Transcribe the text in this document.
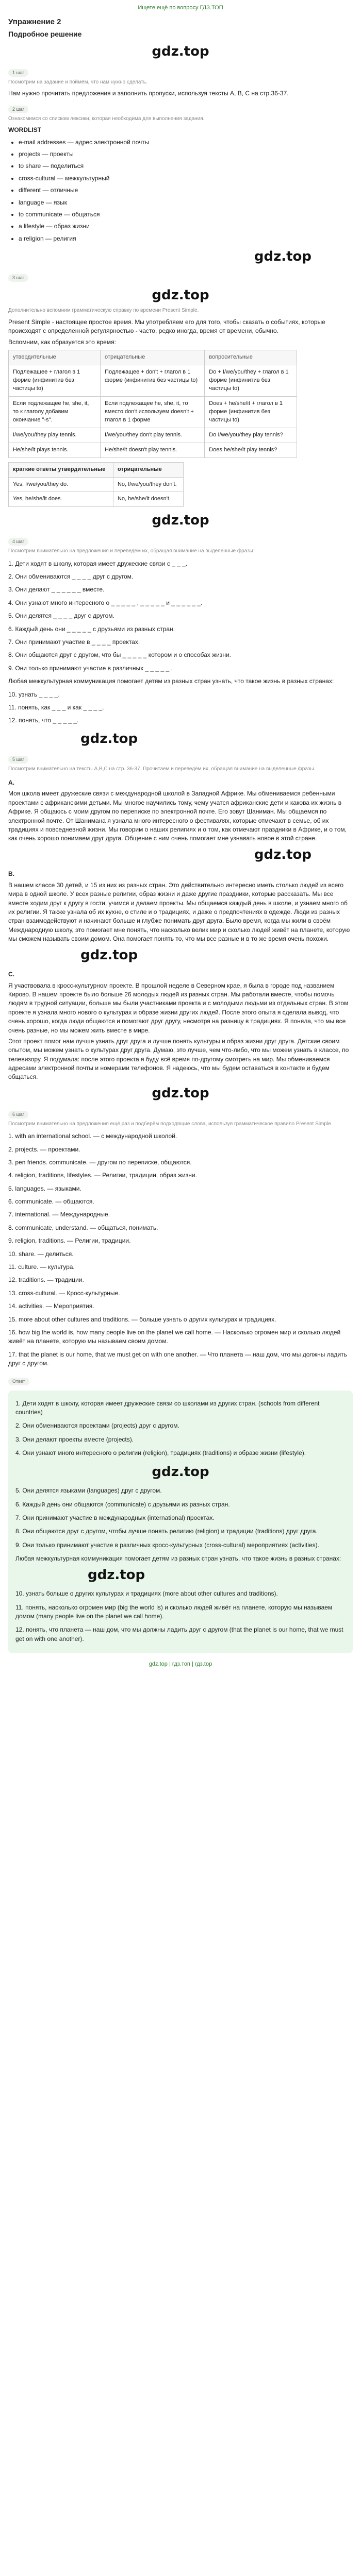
Ищете ещё по вопросу ГДЗ.ТОП
Упражнение 2
Подробное решение
gdz.top
1 шаг
Посмотрим на задание и поймём, что нам нужно сделать.

Нам нужно прочитать предложения и заполнить пропуски, используя тексты A, B, C на стр.36-37.

2 шаг
Ознакомимся со списком лексики, которая необходима для выполнения задания.
WORDLIST
• e-mail addresses — адрес электронной почты
• projects — проекты
• to share — поделиться
• cross-cultural — межкультурный
• different — отличные
• language — язык
• to communicate — общаться
• a lifestyle — образ жизни
• a religion — религия
gdz.top
3 шаг
gdz.top
Дополнительно вспомним грамматическую справку по времени Present Simple.

Present Simple - настоящее простое время. Мы употребляем его для того, чтобы сказать о событиях, которые происходят с определенной регулярностью - часто, редко иногда, время от времени, обычно.

Вспомним, как образуется это время:

утвердительные	отрицательные	вопросительные
Подлежащее + глагол в 1 форме (инфинитив без частицы to)	Подлежащее + don't + глагол в 1 форме (инфинитив без частицы to)	Do + I/we/you/they + глагол в 1 форме (инфинитив без частицы to)
Если подлежащее he, she, it, то к глаголу добавим окончание "-s".	Если подлежащее he, she, it, то вместо don't используем doesn't + глагол в 1 форме	Does + he/she/it + глагол в 1 форме (инфинитив без частицы to)
I/we/you/they play tennis.	I/we/you/they don't play tennis.	Do I/we/you/they play tennis?
He/she/it plays tennis.	He/she/it doesn't play tennis.	Does he/she/it play tennis?
краткие ответы утвердительные	отрицательные
Yes, I/we/you/they do.	No, I/we/you/they don't.
Yes, he/she/it does.	No, he/she/it doesn't.
gdz.top
4 шаг
Посмотрим внимательно на предложения и переведём их, обращая внимание на выделенные фразы:
1. Дети ходят в школу, которая имеет дружеские связи с _ _ _.
2. Они обмениваются _ _ _ _ друг с другом.
3. Они делают _ _ _ _ _ _ вместе.
4. Они узнают много интересного о _ _ _ _ _ , _ _ _ _ _ и _ _ _ _ _ _.
5. Они делятся _ _ _ _ друг с другом.
6. Каждый день они _ _ _ _ _ с друзьями из разных стран.
7. Они принимают участие в _ _ _ _ проектах.
8. Они общаются друг с другом, что бы _ _ _ _ _ котором и о способах жизни.
9. Они только принимают участие в различных _ _ _ _ _ .

Любая межкультурная коммуникация помогает детям из разных стран узнать, что такое жизнь в разных странах:

10. узнать _ _ _ _.
11. понять, как _ _ _ и как _ _ _ _.
12. понять, что _ _ _ _ _.
gdz.top
5 шаг
Посмотрим внимательно на тексты A,B,C на стр. 36-37. Прочитаем и переведём их, обращая внимание на выделенные фразы.
A.

Моя школа имеет дружеские связи с международной школой в Западной Африке. Мы обмениваемся ребенными проектами с африканскими детьми. Мы многое научились тому, чему учатся африканские дети и какова их жизнь в Африке. Я общаюсь с моим другом по переписке по электронной почте. Его зовут Шаниман. Мы общаемся по электронной почте. От Шанимана я узнала много интересного о фестивалях, которые отмечают в семье, об их традициях и повседневной жизни. Мы говорим о наших религиях и о том, как отмечают праздники в Африке, и о том, как очень хорошо понимаем друг друга. Общение с ним очень помогает мне узнавать новое в этой стране.

gdz.top
B.

В нашем классе 30 детей, и 15 из них из разных стран. Это действительно интересно иметь столько людей из всего мира в одной школе. У всех разные религии, образ жизни и даже другие праздники, которые рассказать. Мы все вместе ходим друг к другу в гости, учимся и делаем проекты. Мы общаемся каждый день в школе, и узнаем много об их религии. Я также узнала об их кухне, о стиле и о традициях, и даже о предпочтениях в одежде. Люди из разных стран взаимодействуют и начинают больше и глубже понимать друг друга. Было время, когда мы жили в своём Межднародную школу, это помогает мне понять, что насколько велик мир и сколько людей живёт на планете, которую мы сможем называть своим домом. Она помогает понять то, что мы все разные и в то же время очень похожи.

gdz.top
C.

Я участвовала в кросс-культурном проекте. В прошлой неделе в Северном крае, я была в городе под названием Кирово. В нашем проекте было больше 26 молодых людей из разных стран. Мы работали вместе, чтобы помочь людям в трудной ситуации, больше мы были участниками проекта и с молодыми людьми из отдельных стран. В этом проекте я узнала много нового о культурах и образе жизни других людей. После этого опыта я сделала вывод, что очень хорошо, когда люди общаются и помогают друг другу, несмотря на разницу в традициях. Я поняла, что мы все очень разные, но мы можем жить вместе в мире.

Этот проект помог нам лучше узнать друг друга и лучше понять культуры и образ жизни друг друга. Детские своим опытом, мы можем узнать о культурах друг друга. Думаю, это лучше, чем что-либо, что мы можем узнать в классе, по телевизору. Я подумала: после этого проекта я буду всё время по-другому смотреть на мир. Мы обмениваемся адресами электронной почты и номерами телефонов. Я надеюсь, что мы будем оставаться в контакте и будем общаться.

gdz.top
6 шаг
Посмотрим внимательно на предложения ещё раз и подберём подходящие слова, используя грамматическое правило Present Simple.
1. with an international school. — с международной школой.
2. projects. — проектами.
3. pen friends. communicate. — другом по переписке, общаются.
4. religion, traditions, lifestyles. — Религии, традиции, образ жизни.
5. languages. — языками.
6. communicate. — общаются.
7. international. — Международные.
8. communicate, understand. — общаться, понимать.
9. religion, traditions. — Религии, традиции.
10. share. — делиться.
11. culture. — культура.
12. traditions. — традиции.
13. cross-cultural. — Кросс-культурные.
14. activities. — Мероприятия.
15. more about other cultures and traditions. — больше узнать о других культурах и традициях.
16. how big the world is, how many people live on the planet we call home. — Насколько огромен мир и сколько людей живёт на планете, которую мы называем своим домом.
17. that the planet is our home, that we must get on with one another. — Что планета — наш дом, что мы должны ладить друг с другом.
Ответ
1. Дети ходят в школу, которая имеет дружеские связи со школами из других стран. (schools from different countries)
2. Они обмениваются проектами (projects) друг с другом.
3. Они делают проекты вместе (projects).
4. Они узнают много интересного о религии (religion), традициях (traditions) и образе жизни (lifestyle).
gdz.top
5. Они делятся языками (languages) друг с другом.
6. Каждый день они общаются (communicate) с друзьями из разных стран.
7. Они принимают участие в международных (international) проектах.
8. Они общаются друг с другом, чтобы лучше понять религию (religion) и традиции (traditions) друг друга.
9. Они только принимают участие в различных кросс-культурных (cross-cultural) мероприятиях (activities).

Любая межкультурная коммуникация помогает детям из разных стран узнать, что такое жизнь в разных странах:

gdz.top
10. узнать больше о других культурах и традициях (more about other cultures and traditions).
11. понять, насколько огромен мир (big the world is) и сколько людей живёт на планете, которую мы называем домом (many people live on the planet we call home).
12. понять, что планета — наш дом, что мы должны ладить друг с другом (that the planet is our home, that we must get on with one another).
gdz.top | гдз.топ | гдз.top
